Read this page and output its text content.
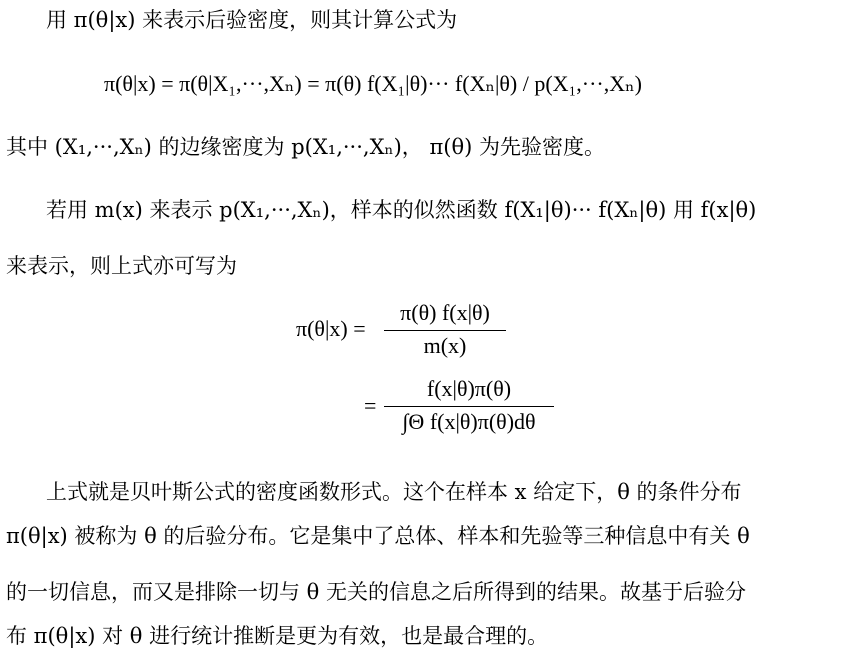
用 π(θ|x) 来表示后验密度，则其计算公式为
π(θ|x) = π(θ|X₁,···,Xₙ) = π(θ) f(X₁|θ)··· f(Xₙ|θ) / p(X₁,···,Xₙ)
其中 (X₁,···,Xₙ) 的边缘密度为 p(X₁,···,Xₙ)， π(θ) 为先验密度。
若用 m(x) 来表示 p(X₁,···,Xₙ)，样本的似然函数 f(X₁|θ)··· f(Xₙ|θ) 用 f(x|θ)
来表示，则上式亦可写为
π(θ|x) =
π(θ) f(x|θ)
m(x)
=
f(x|θ)π(θ)
∫Θ f(x|θ)π(θ)dθ
上式就是贝叶斯公式的密度函数形式。这个在样本 x 给定下，θ 的条件分布
π(θ|x) 被称为 θ 的后验分布。它是集中了总体、样本和先验等三种信息中有关 θ
的一切信息，而又是排除一切与 θ 无关的信息之后所得到的结果。故基于后验分
布 π(θ|x) 对 θ 进行统计推断是更为有效，也是最合理的。
